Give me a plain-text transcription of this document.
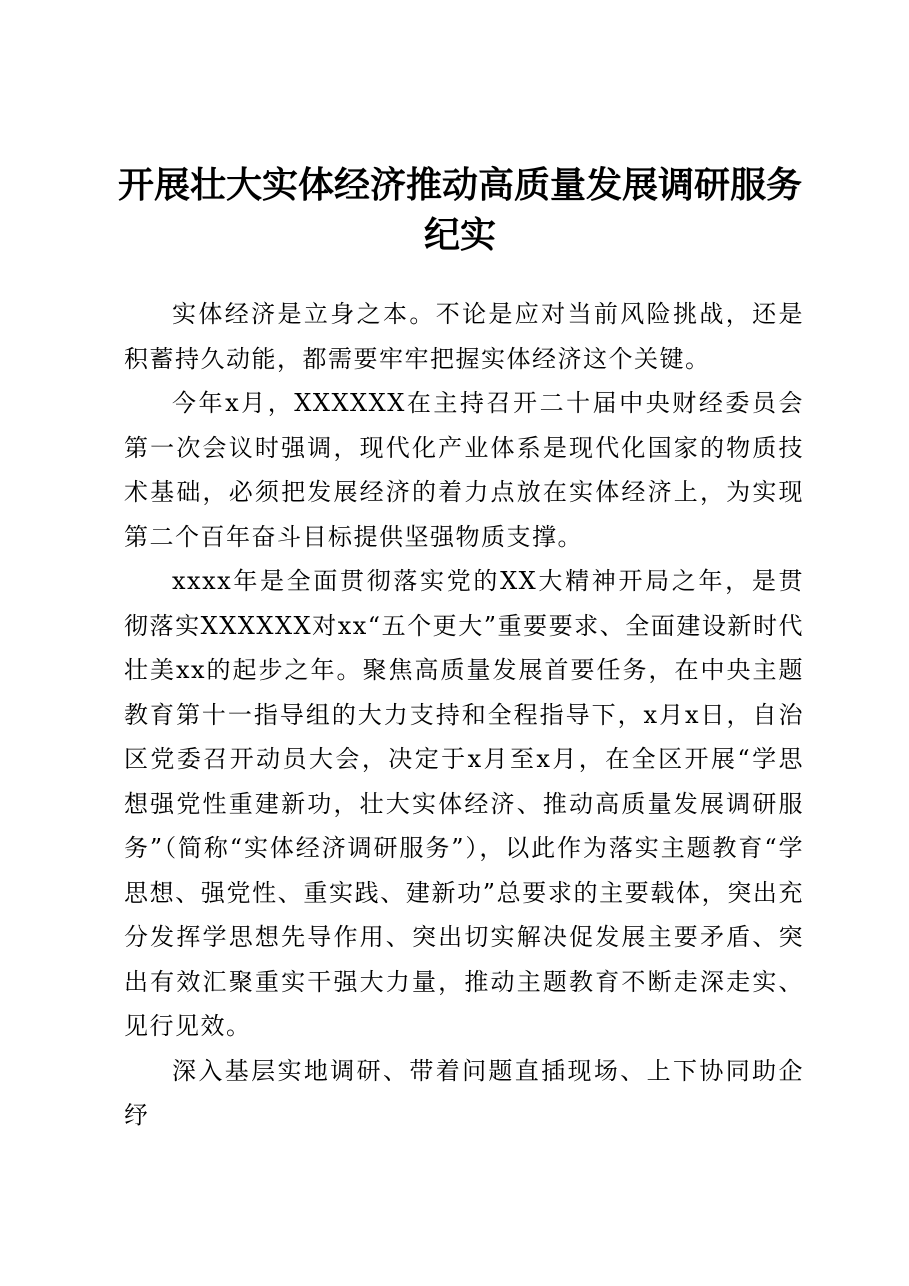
开展壮大实体经济推动高质量发展调研服务纪实

实体经济是立身之本。不论是应对当前风险挑战，还是积蓄持久动能，都需要牢牢把握实体经济这个关键。

今年x月，XXXXXX在主持召开二十届中央财经委员会第一次会议时强调，现代化产业体系是现代化国家的物质技术基础，必须把发展经济的着力点放在实体经济上，为实现第二个百年奋斗目标提供坚强物质支撑。

xxxx年是全面贯彻落实党的XX大精神开局之年，是贯彻落实XXXXXX对xx“五个更大”重要要求、全面建设新时代壮美xx的起步之年。聚焦高质量发展首要任务，在中央主题教育第十一指导组的大力支持和全程指导下，x月x日，自治区党委召开动员大会，决定于x月至x月，在全区开展“学思想强党性重建新功，壮大实体经济、推动高质量发展调研服务”（简称“实体经济调研服务”），以此作为落实主题教育“学思想、强党性、重实践、建新功”总要求的主要载体，突出充分发挥学思想先导作用、突出切实解决促发展主要矛盾、突出有效汇聚重实干强大力量，推动主题教育不断走深走实、见行见效。

深入基层实地调研、带着问题直插现场、上下协同助企纾
